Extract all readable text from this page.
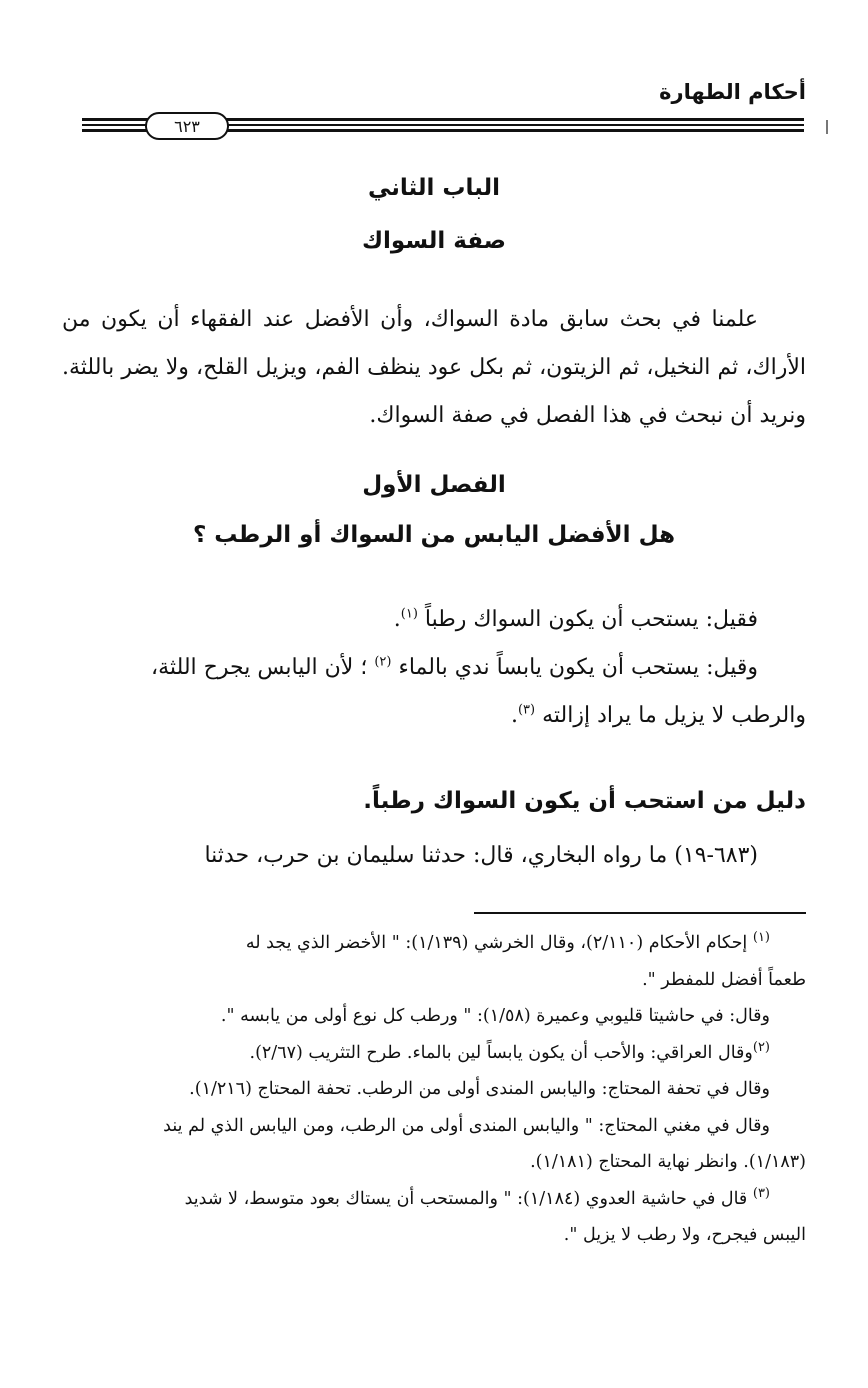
أحكام الطهارة
٦٢٣
الباب الثاني
صفة السواك
علمنا في بحث سابق مادة السواك، وأن الأفضل عند الفقهاء أن يكون من الأراك، ثم النخيل، ثم الزيتون، ثم بكل عود ينظف الفم، ويزيل القلح، ولا يضر باللثة. ونريد أن نبحث في هذا الفصل في صفة السواك.
الفصل الأول
هل الأفضل اليابس من السواك أو الرطب ؟
فقيل: يستحب أن يكون السواك رطباً $^{(١)}$.
وقيل: يستحب أن يكون يابساً ندي بالماء $^{(٢)}$ ؛ لأن اليابس يجرح اللثة،
والرطب لا يزيل ما يراد إزالته $^{(٣)}$.
دليل من استحب أن يكون السواك رطباً.
(٦٨٣-١٩) ما رواه البخاري، قال: حدثنا سليمان بن حرب، حدثنا
$^{(١)}$ إحكام الأحكام (٢/١١٠)، وقال الخرشي (١/١٣٩): " الأخضر الذي يجد له
طعماً أفضل للمفطر ".
وقال: في حاشيتا قليوبي وعميرة (١/٥٨): " ورطب كل نوع أولى من يابسه ".
$^{(٢)}$وقال العراقي: والأحب أن يكون يابساً لين بالماء. طرح التثريب (٢/٦٧).
وقال في تحفة المحتاج: واليابس المندى أولى من الرطب. تحفة المحتاج (١/٢١٦).
وقال في مغني المحتاج: " واليابس المندى أولى من الرطب، ومن اليابس الذي لم يند
(١/١٨٣). وانظر نهاية المحتاج (١/١٨١).
$^{(٣)}$ قال في حاشية العدوي (١/١٨٤): " والمستحب أن يستاك بعود متوسط، لا شديد
اليبس فيجرح، ولا رطب لا يزيل ".
